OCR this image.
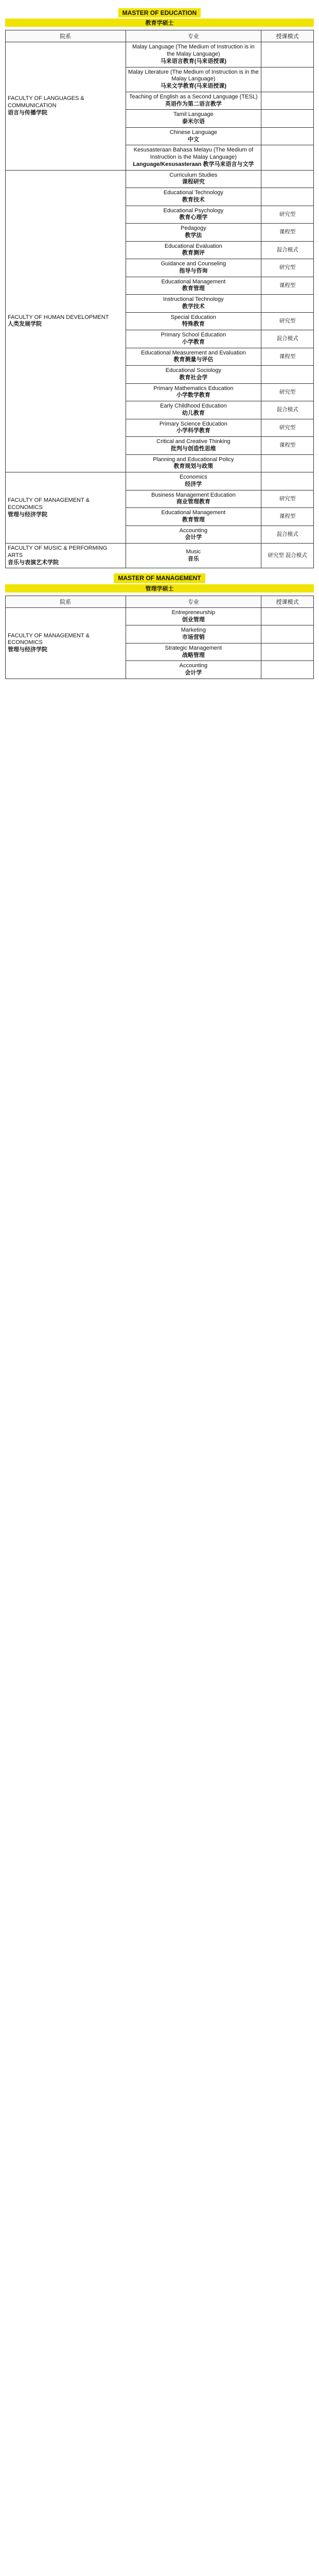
MASTER OF EDUCATION
教育学硕士
院系	专业	授课模式

FACULTY OF LANGUAGES & COMMUNICATION
语言与传播学院	Malay Language (The Medium of Instruction is in the Malay Language)
马来语言教育(马来语授课)	

	Malay Literature (The Medium of Instruction is in the Malay Language)
马来文学教育(马来语授课)	

	Teaching of English as a Second Language (TESL)
英语作为第二语言教学	

	Tamil Language
泰米尔语	

	Chinese Language
中文	

	Kesusasteraan Bahasa Melayu (The Medium of Instruction is the Malay Language)
Language/Kesusasteraan 教学马来语言与文学	

FACULTY OF HUMAN DEVELOPMENT
人类发展学院	Curriculum Studies
课程研究	

	Educational Technology
教育技术	

	Educational Psychology
教育心理学	研究型

	Pedagogy
教学法	课程型

	Educational Evaluation
教育测评	混合模式

	Guidance and Counseling
指导与咨询	研究型

	Educational Management
教育管理	课程型

	Instructional Technology
教学技术	

	Special Education
特殊教育	研究型

	Primary School Education
小学教育	混合模式

	Educational Measurement and Evaluation
教育测量与评估	课程型

	Educational Sociology
教育社会学	

	Primary Mathematics Education
小学数学教育	研究型

	Early Childhood Education
幼儿教育	混合模式

	Primary Science Education
小学科学教育	研究型

	Critical and Creative Thinking
批判与创造性思维	课程型

	Planning and Educational Policy
教育规划与政策	

FACULTY OF MANAGEMENT & ECONOMICS
管理与经济学院	Economics
经济学	

	Business Management Education
商业管理教育	研究型

	Educational Management
教育管理	课程型

	Accounting
会计学	混合模式

FACULTY OF MUSIC & PERFORMING ARTS
音乐与表演艺术学院	Music
音乐	研究型 混合模式
MASTER OF MANAGEMENT
管理学硕士
院系	专业	授课模式

FACULTY OF MANAGEMENT & ECONOMICS
管理与经济学院	Entrepreneurship
创业管理	

	Marketing
市场营销	

	Strategic Management
战略管理	

	Accounting
会计学	
